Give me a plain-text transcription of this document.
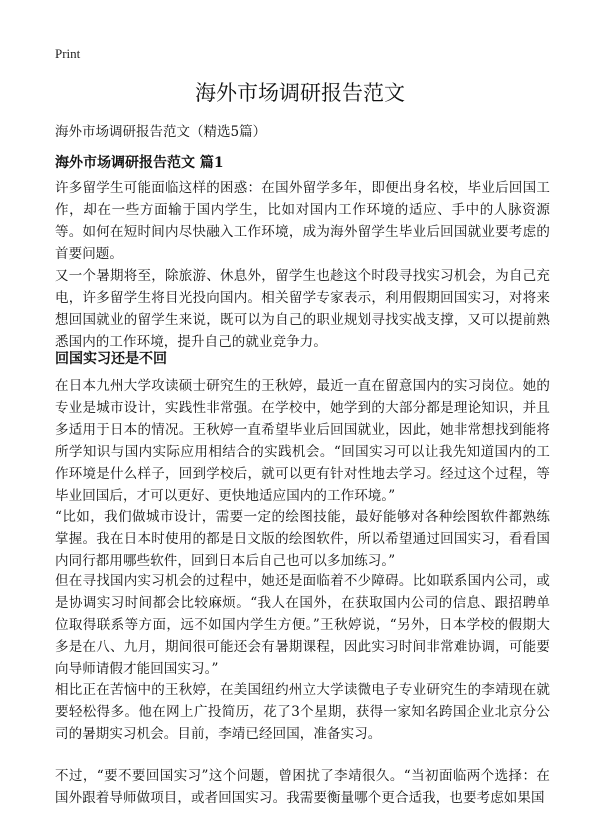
Print
海外市场调研报告范文
海外市场调研报告范文（精选5篇）
海外市场调研报告范文 篇1

许多留学生可能面临这样的困惑：在国外留学多年，即便出身名校，毕业后回国工作，却在一些方面输于国内学生，比如对国内工作环境的适应、手中的人脉资源等。如何在短时间内尽快融入工作环境，成为海外留学生毕业后回国就业要考虑的首要问题。

又一个暑期将至，除旅游、休息外，留学生也趁这个时段寻找实习机会，为自己充电，许多留学生将目光投向国内。相关留学专家表示，利用假期回国实习，对将来想回国就业的留学生来说，既可以为自己的职业规划寻找实战支撑，又可以提前熟悉国内的工作环境，提升自己的就业竞争力。

回国实习还是不回

在日本九州大学攻读硕士研究生的王秋婷，最近一直在留意国内的实习岗位。她的专业是城市设计，实践性非常强。在学校中，她学到的大部分都是理论知识，并且多适用于日本的情况。王秋婷一直希望毕业后回国就业，因此，她非常想找到能将所学知识与国内实际应用相结合的实践机会。“回国实习可以让我先知道国内的工作环境是什么样子，回到学校后，就可以更有针对性地去学习。经过这个过程，等毕业回国后，才可以更好、更快地适应国内的工作环境。”

“比如，我们做城市设计，需要一定的绘图技能，最好能够对各种绘图软件都熟练掌握。我在日本时使用的都是日文版的绘图软件，所以希望通过回国实习，看看国内同行都用哪些软件，回到日本后自己也可以多加练习。”

但在寻找国内实习机会的过程中，她还是面临着不少障碍。比如联系国内公司，或是协调实习时间都会比较麻烦。“我人在国外，在获取国内公司的信息、跟招聘单位取得联系等方面，远不如国内学生方便。”王秋婷说，“另外，日本学校的假期大多是在八、九月，期间很可能还会有暑期课程，因此实习时间非常难协调，可能要向导师请假才能回国实习。”

相比正在苦恼中的王秋婷，在美国纽约州立大学读微电子专业研究生的李靖现在就要轻松得多。他在网上广投简历，花了3个星期，获得一家知名跨国企业北京分公司的暑期实习机会。目前，李靖已经回国，准备实习。

不过，“要不要回国实习”这个问题，曾困扰了李靖很久。“当初面临两个选择：在国外跟着导师做项目，或者回国实习。我需要衡量哪个更合适我，也要考虑如果国
